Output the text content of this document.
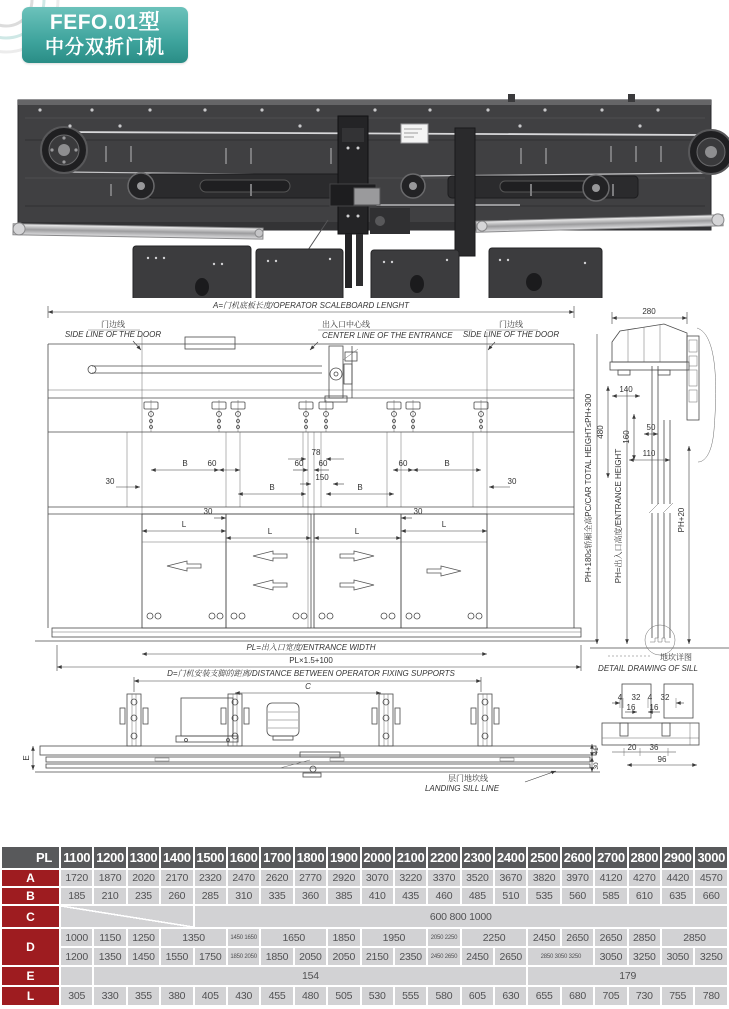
FEFO.01型
中分双折门机
A=门机底板长度/OPERATOR SCALEBOARD LENGHT
门边线
SIDE LINE OF THE DOOR
出入口中心线
CENTER LINE OF THE ENTRANCE
门边线
SIDE LINE OF THE DOOR
78
B 60	60 60	60	B
150
B	B
30	30
30	30
L
L	L
L
PL=出入口宽度/ENTRANCE WIDTH
PL×1.5+100
D=门机安装支脚的距离/DISTANCE BETWEEN OPERATOR FIXING SUPPORTS
C
E
41
30
层门地坎线
LANDING SILL LINE
280
480
140
160
50
110
PH+20
PH+180≤轿厢全高PC/CAR TOTAL HEIGHT≤PH+300	PH=出入口高度/ENTRANCE HEIGHT
地坎详图
DETAIL DRAWING OF SILL
4 32 4 32
16 16
20 36
96
PL	1100	1200	1300	1400	1500	1600	1700	1800	1900	2000	2100	2200	2300	2400	2500	2600	2700	2800	2900	3000
A	1720	1870	2020	2170	2320	2470	2620	2770	2920	3070	3220	3370	3520	3670	3820	3970	4120	4270	4420	4570
B	185	210	235	260	285	310	335	360	385	410	435	460	485	510	535	560	585	610	635	660
C					600 800 1000															
D	1000	1150	1250	1350		1450 1650	1650		1850	1950		2050 2250	2250		2450	2650	2650	2850	2850	
	1200	1350	1450	1550	1750	1850 2050	1850	2050	2050	2150	2350	2450 2650	2450	2650	2850 3050 3250		3050	3250	3050	3250
E		154													179					
L	305	330	355	380	405	430	455	480	505	530	555	580	605	630	655	680	705	730	755	780
